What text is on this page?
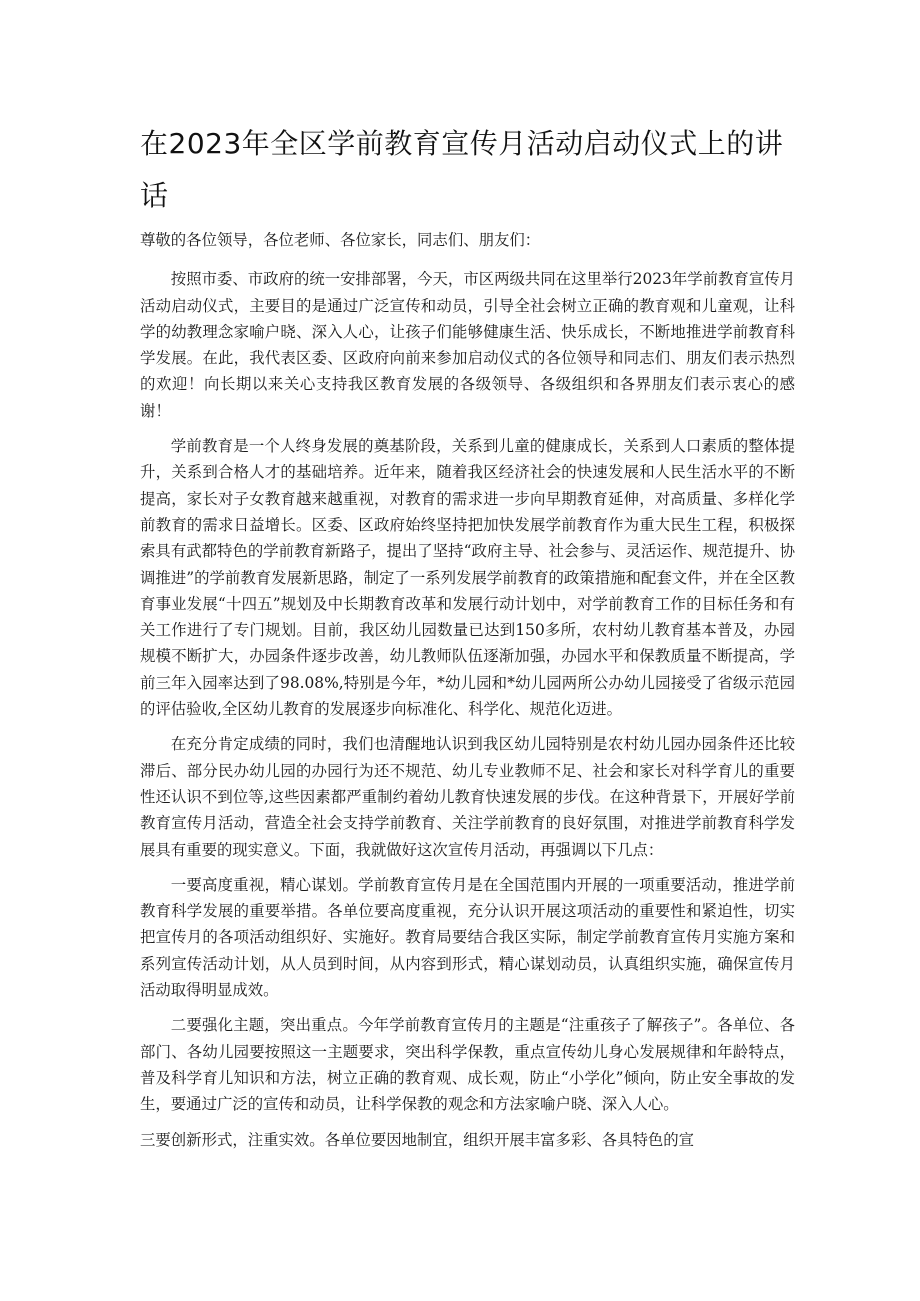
在2023年全区学前教育宣传月活动启动仪式上的讲话

尊敬的各位领导，各位老师、各位家长，同志们、朋友们：

按照市委、市政府的统一安排部署，今天，市区两级共同在这里举行2023年学前教育宣传月活动启动仪式，主要目的是通过广泛宣传和动员，引导全社会树立正确的教育观和儿童观，让科学的幼教理念家喻户晓、深入人心，让孩子们能够健康生活、快乐成长，不断地推进学前教育科学发展。在此，我代表区委、区政府向前来参加启动仪式的各位领导和同志们、朋友们表示热烈的欢迎！向长期以来关心支持我区教育发展的各级领导、各级组织和各界朋友们表示衷心的感谢！

学前教育是一个人终身发展的奠基阶段，关系到儿童的健康成长，关系到人口素质的整体提升，关系到合格人才的基础培养。近年来，随着我区经济社会的快速发展和人民生活水平的不断提高，家长对子女教育越来越重视，对教育的需求进一步向早期教育延伸，对高质量、多样化学前教育的需求日益增长。区委、区政府始终坚持把加快发展学前教育作为重大民生工程，积极探索具有武都特色的学前教育新路子，提出了坚持“政府主导、社会参与、灵活运作、规范提升、协调推进”的学前教育发展新思路，制定了一系列发展学前教育的政策措施和配套文件，并在全区教育事业发展“十四五”规划及中长期教育改革和发展行动计划中，对学前教育工作的目标任务和有关工作进行了专门规划。目前，我区幼儿园数量已达到150多所，农村幼儿教育基本普及，办园规模不断扩大，办园条件逐步改善，幼儿教师队伍逐渐加强，办园水平和保教质量不断提高，学前三年入园率达到了98.08%,特别是今年，*幼儿园和*幼儿园两所公办幼儿园接受了省级示范园的评估验收,全区幼儿教育的发展逐步向标准化、科学化、规范化迈进。

在充分肯定成绩的同时，我们也清醒地认识到我区幼儿园特别是农村幼儿园办园条件还比较滞后、部分民办幼儿园的办园行为还不规范、幼儿专业教师不足、社会和家长对科学育儿的重要性还认识不到位等,这些因素都严重制约着幼儿教育快速发展的步伐。在这种背景下，开展好学前教育宣传月活动，营造全社会支持学前教育、关注学前教育的良好氛围，对推进学前教育科学发展具有重要的现实意义。下面，我就做好这次宣传月活动，再强调以下几点：

一要高度重视，精心谋划。学前教育宣传月是在全国范围内开展的一项重要活动，推进学前教育科学发展的重要举措。各单位要高度重视，充分认识开展这项活动的重要性和紧迫性，切实把宣传月的各项活动组织好、实施好。教育局要结合我区实际，制定学前教育宣传月实施方案和系列宣传活动计划，从人员到时间，从内容到形式，精心谋划动员，认真组织实施，确保宣传月活动取得明显成效。

二要强化主题，突出重点。今年学前教育宣传月的主题是“注重孩子了解孩子”。各单位、各部门、各幼儿园要按照这一主题要求，突出科学保教，重点宣传幼儿身心发展规律和年龄特点，普及科学育儿知识和方法，树立正确的教育观、成长观，防止“小学化”倾向，防止安全事故的发生，要通过广泛的宣传和动员，让科学保教的观念和方法家喻户晓、深入人心。

三要创新形式，注重实效。各单位要因地制宜，组织开展丰富多彩、各具特色的宣
